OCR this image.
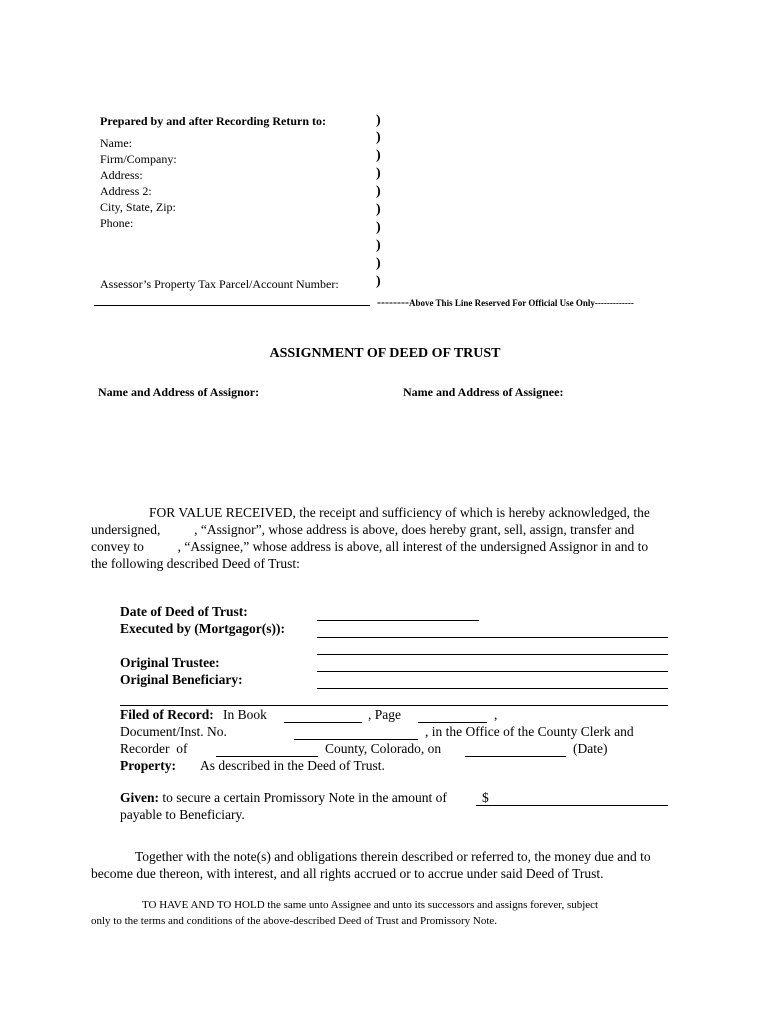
Prepared by and after Recording Return to:
Name:
Firm/Company:
Address:
Address 2:
City, State, Zip:
Phone:
Assessor’s Property Tax Parcel/Account Number:
)
)
)
)
)
)
)
)
)
)
--------Above This Line Reserved For Official Use Only-------------
ASSIGNMENT OF DEED OF TRUST
Name and Address of Assignor:	Name and Address of Assignee:
FOR VALUE RECEIVED, the receipt and sufficiency of which is hereby acknowledged, the
undersigned,          , “Assignor”, whose address is above, does hereby grant, sell, assign, transfer and
convey to          , “Assignee,” whose address is above, all interest of the undersigned Assignor in and to
the following described Deed of Trust:
Date of Deed of Trust:
Executed by (Mortgagor(s)):
Original Trustee:
Original Beneficiary:
Filed of Record: In Book	, Page	,
Document/Inst. No.	, in the Office of the County Clerk and
Recorder  of	County, Colorado, on	(Date)
Property: As described in the Deed of Trust.
Given: to secure a certain Promissory Note in the amount of	$
payable to Beneficiary.
Together with the note(s) and obligations therein described or referred to, the money due and to
become due thereon, with interest, and all rights accrued or to accrue under said Deed of Trust.
TO HAVE AND TO HOLD the same unto Assignee and unto its successors and assigns forever, subject
only to the terms and conditions of the above-described Deed of Trust and Promissory Note.
